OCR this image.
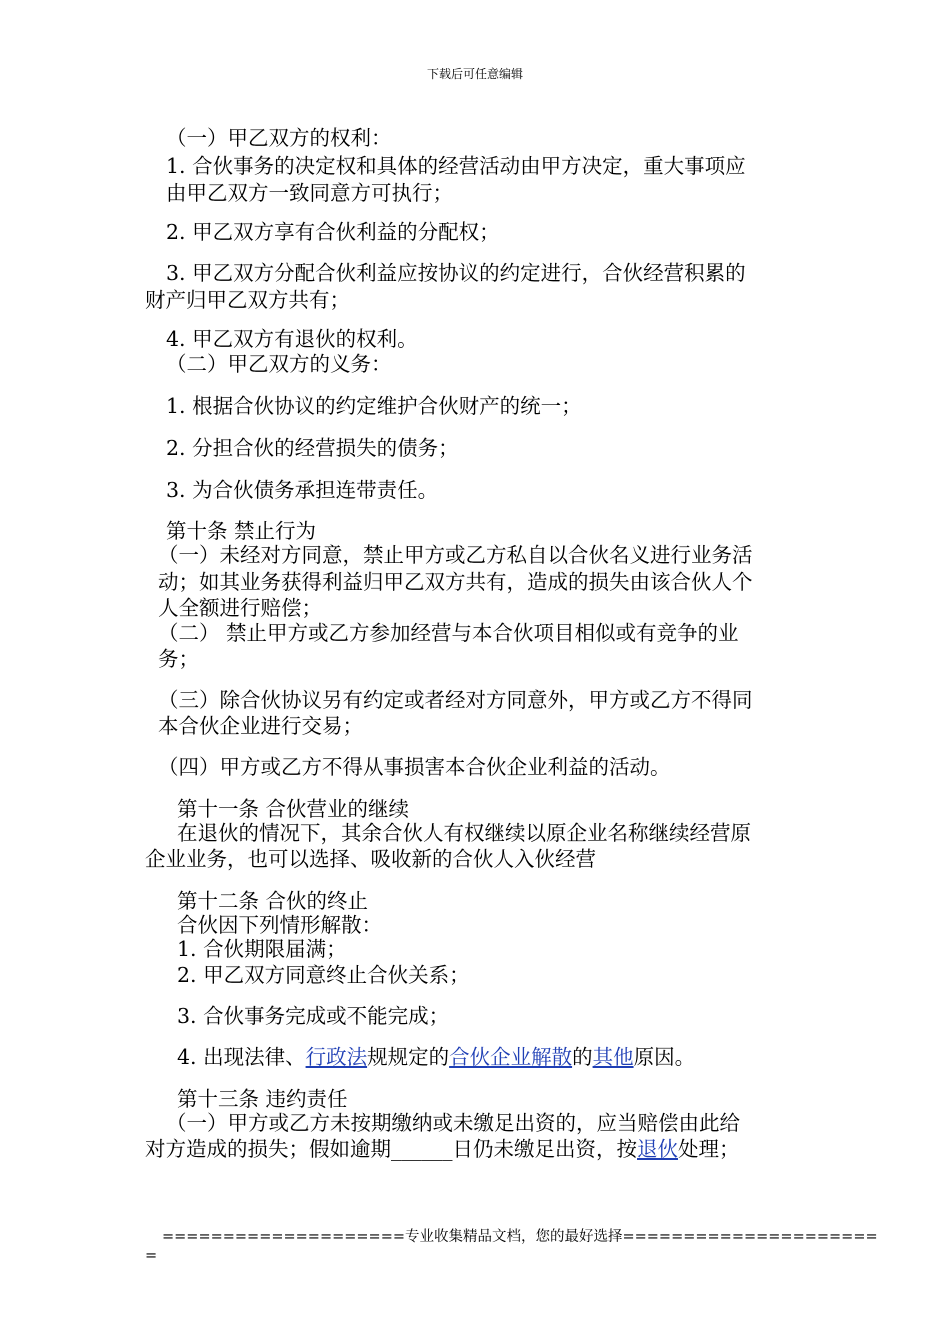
下载后可任意编辑
（一）甲乙双方的权利：
1. 合伙事务的决定权和具体的经营活动由甲方决定，重大事项应
由甲乙双方一致同意方可执行；
2. 甲乙双方享有合伙利益的分配权；
3. 甲乙双方分配合伙利益应按协议的约定进行，合伙经营积累的
财产归甲乙双方共有；
4. 甲乙双方有退伙的权利。
（二）甲乙双方的义务：
1. 根据合伙协议的约定维护合伙财产的统一；
2. 分担合伙的经营损失的债务；
3. 为合伙债务承担连带责任。
第十条 禁止行为
（一）未经对方同意，禁止甲方或乙方私自以合伙名义进行业务活
动；如其业务获得利益归甲乙双方共有，造成的损失由该合伙人个
人全额进行赔偿；
（二） 禁止甲方或乙方参加经营与本合伙项目相似或有竞争的业
务；
（三）除合伙协议另有约定或者经对方同意外，甲方或乙方不得同
本合伙企业进行交易；
（四）甲方或乙方不得从事损害本合伙企业利益的活动。
第十一条 合伙营业的继续
在退伙的情况下，其余合伙人有权继续以原企业名称继续经营原
企业业务，也可以选择、吸收新的合伙人入伙经营
第十二条 合伙的终止
合伙因下列情形解散：
1. 合伙期限届满；
2. 甲乙双方同意终止合伙关系；
3. 合伙事务完成或不能完成；
4. 出现法律、行政法规规定的合伙企业解散的其他原因。
第十三条 违约责任
（一）甲方或乙方未按期缴纳或未缴足出资的，应当赔偿由此给
对方造成的损失；假如逾期______日仍未缴足出资，按退伙处理；
====================专业收集精品文档，您的最好选择=====================
=
